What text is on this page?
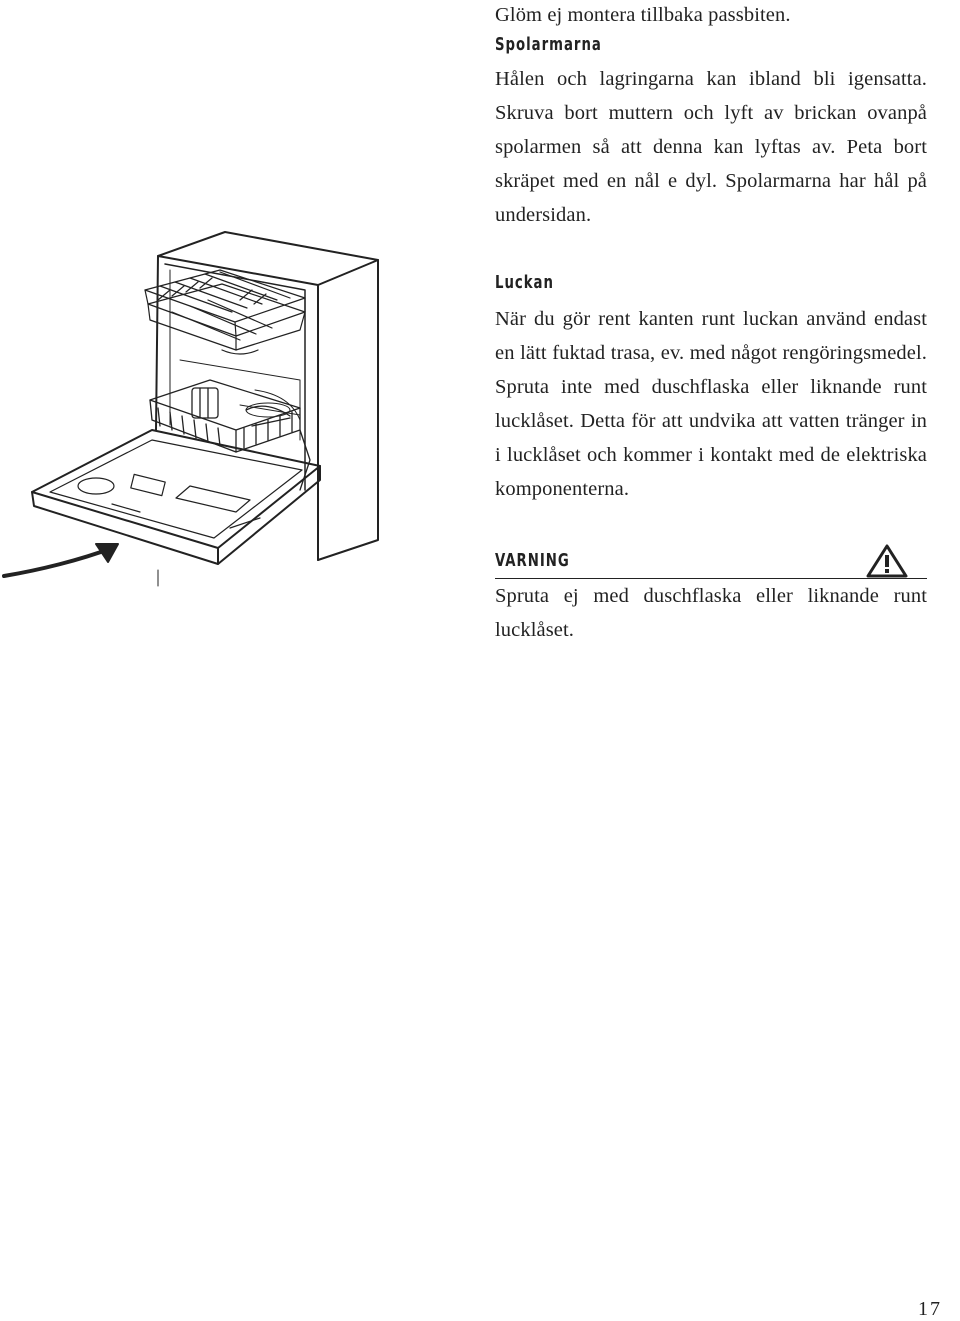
Glöm ej montera tillbaka passbiten.

Spolarmarna

Hålen och lagringarna kan ibland bli igensatta. Skruva bort muttern och lyft av brickan ovanpå spolarmen så att denna kan lyftas av. Peta bort skräpet med en nål e dyl. Spolarmarna har hål på undersidan.

Luckan

När du gör rent kanten runt luckan använd endast en lätt fuktad trasa, ev. med något rengöringsmedel. Spruta inte med duschflaska eller liknande runt lucklåset. Detta för att undvika att vatten tränger in i lucklåset och kommer i kontakt med de elektriska komponenterna.

VARNING

Spruta ej med duschflaska eller liknande runt lucklåset.

17
